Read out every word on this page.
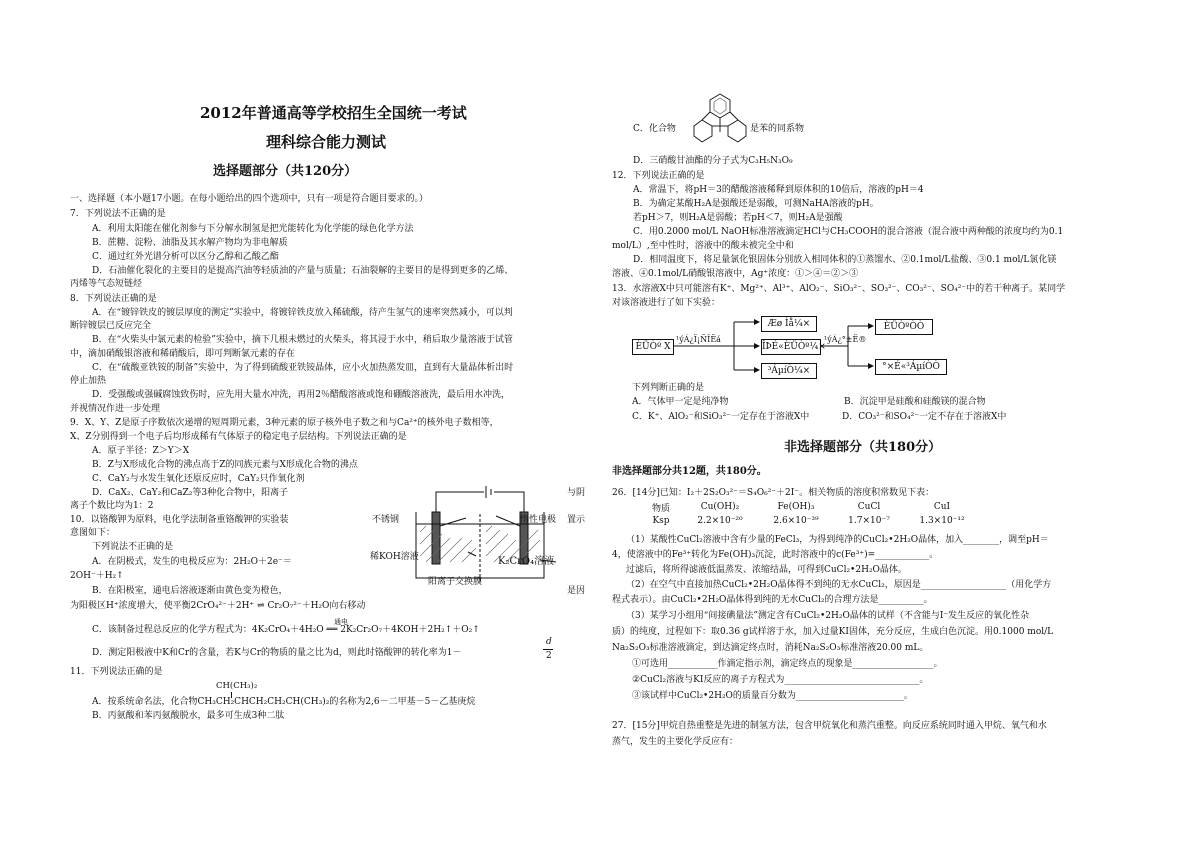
2012年普通高等学校招生全国统一考试
理科综合能力测试
选择题部分（共120分）
一、选择题（本小题17小题。在每小题给出的四个选项中，只有一项是符合题目要求的。）
7．下列说法不正确的是
A．利用太阳能在催化剂参与下分解水制氢是把光能转化为化学能的绿色化学方法
B．蔗糖、淀粉、油脂及其水解产物均为非电解质
C．通过红外光谱分析可以区分乙醇和乙酸乙酯
D．石油催化裂化的主要目的是提高汽油等轻质油的产量与质量；石油裂解的主要目的是得到更多的乙烯、
丙烯等气态短链烃
8．下列说法正确的是
A．在“镀锌铁皮的镀层厚度的测定”实验中，将镀锌铁皮放入稀硫酸，待产生氢气的速率突然减小，可以判
断锌镀层已反应完全
B．在“火柴头中氯元素的检验”实验中，摘下几根未燃过的火柴头，将其浸于水中，稍后取少量溶液于试管
中，滴加硝酸银溶液和稀硝酸后，即可判断氯元素的存在
C．在“硫酸亚铁铵的制备”实验中，为了得到硫酸亚铁铵晶体，应小火加热蒸发皿，直到有大量晶体析出时
停止加热
D．受强酸或强碱腐蚀致伤时，应先用大量水冲洗，再用2％醋酸溶液或饱和硼酸溶液洗，最后用水冲洗，
并视情况作进一步处理
9．X、Y、Z是原子序数依次递增的短周期元素，3种元素的原子核外电子数之和与Ca²⁺的核外电子数相等，
X、Z分别得到一个电子后均形成稀有气体原子的稳定电子层结构。下列说法正确的是
A．原子半径：Z＞Y＞X
B．Z与X形成化合物的沸点高于Z的同族元素与X形成化合物的沸点
C．CaY₂与水发生氧化还原反应时，CaY₂只作氧化剂
D．CaX₂、CaY₂和CaZ₂等3种化合物中，阳离子	与阴
离子个数比均为1：2
10．以铬酸钾为原料，电化学法制备重铬酸钾的实验装	置示
意图如下：
下列说法不正确的是
A．在阴极式，发生的电极反应为：2H₂O＋2e⁻＝
2OH⁻＋H₂↑
B．在阳极室，通电后溶液逐渐由黄色变为橙色，	是因
为阳极区H⁺浓度增大，使平衡2CrO₄²⁻＋2H⁺ ⇌ Cr₂O₇²⁻＋H₂O向右移动
C．该制备过程总反应的化学方程式为：4K₂CrO₄＋4H₂O ══ 2K₂Cr₂O₇＋4KOH＋2H₂↑＋O₂↑
通电
D．测定阳极液中K和Cr的含量，若K与Cr的物质的量之比为d，则此时铬酸钾的转化率为1－
d
2
不锈钢	惰性电极
稀KOH溶液	K₂CrO₄溶液
阳离子交换膜
11．下列说法正确的是
CH(CH₃)₂
A．按系统命名法，化合物CH₃CH₂CHCH₂CH₂CH(CH₃)₂的名称为2,6－二甲基－5－乙基庚烷
B．丙氨酸和苯丙氨酸脱水，最多可生成3种二肽
C．化合物	是苯的同系物
D．三硝酸甘油酯的分子式为C₃H₅N₃O₉
12．下列说法正确的是
A．常温下，将pH＝3的醋酸溶液稀释到原体积的10倍后，溶液的pH＝4
B．为确定某酸H₂A是强酸还是弱酸，可测NaHA溶液的pH。
若pH＞7，则H₂A是弱酸；若pH＜7，则H₂A是强酸
C．用0.2000 mol/L NaOH标准溶液滴定HCl与CH₃COOH的混合溶液（混合液中两种酸的浓度均约为0.1
mol/L）,至中性时，溶液中的酸未被完全中和
D．相同温度下，将足量氯化银固体分别放入相同体积的①蒸馏水、②0.1mol/L盐酸、③0.1 mol/L氯化镁
溶液、④0.1mol/L硝酸银溶液中，Ag⁺浓度：①＞④＝②＞③
13．水溶液X中只可能溶有K⁺、Mg²⁺、Al³⁺、AlO₂⁻、SiO₃²⁻、SO₃²⁻、CO₃²⁻、SO₄²⁻中的若干种离子。某同学
对该溶液进行了如下实验：
ÈÜÒº X
¹ýÁ¿Ï¡ÑÎËá
Æø Ìå¼×
ÎÞÉ«ÈÜÒº¼×
¹ýÁ¿°±Ë®
³ÁµíÒ¼×
ÈÜÒºÒÒ
°×É«³ÁµíÒÒ
下列判断正确的是
A．气体甲一定是纯净物	B．沉淀甲是硅酸和硅酸镁的混合物
C．K⁺、AlO₂⁻和SiO₃²⁻一定存在于溶液X中	D．CO₃²⁻和SO₄²⁻一定不存在于溶液X中
非选择题部分（共180分）
非选择题部分共12题，共180分。
26．[14分]已知：I₂＋2S₂O₃²⁻＝S₄O₆²⁻＋2I⁻。相关物质的溶度积常数见下表：
物质	Cu(OH)₂	Fe(OH)₃	CuCl	CuI
Ksp	2.2×10⁻²⁰	2.6×10⁻³⁹	1.7×10⁻⁷	1.3×10⁻¹²
（1）某酸性CuCl₂溶液中含有少量的FeCl₃，为得到纯净的CuCl₂•2H₂O晶体，加入________，调至pH＝
4，使溶液中的Fe³⁺转化为Fe(OH)₃沉淀，此时溶液中的c(Fe³⁺)=____________。
过滤后，将所得滤液低温蒸发、浓缩结晶，可得到CuCl₂•2H₂O晶体。
（2）在空气中直接加热CuCl₂•2H₂O晶体得不到纯的无水CuCl₂，原因是___________________（用化学方
程式表示）。由CuCl₂•2H₂O晶体得到纯的无水CuCl₂的合理方法是__________。
（3）某学习小组用“间接碘量法”测定含有CuCl₂•2H₂O晶体的试样（不含能与I⁻发生反应的氧化性杂
质）的纯度，过程如下：取0.36 g试样溶于水，加入过量KI固体，充分反应，生成白色沉淀。用0.1000 mol/L
Na₂S₂O₃标准溶液滴定，到达滴定终点时，消耗Na₂S₂O₃标准溶液20.00 mL。
①可选用___________作滴定指示剂，滴定终点的现象是__________________。
②CuCl₂溶液与KI反应的离子方程式为______________________________。
③该试样中CuCl₂•2H₂O的质量百分数为________________________。
27．[15分]甲烷自热重整是先进的制氢方法，包含甲烷氧化和蒸汽重整。向反应系统同时通入甲烷、氧气和水
蒸气，发生的主要化学反应有：
